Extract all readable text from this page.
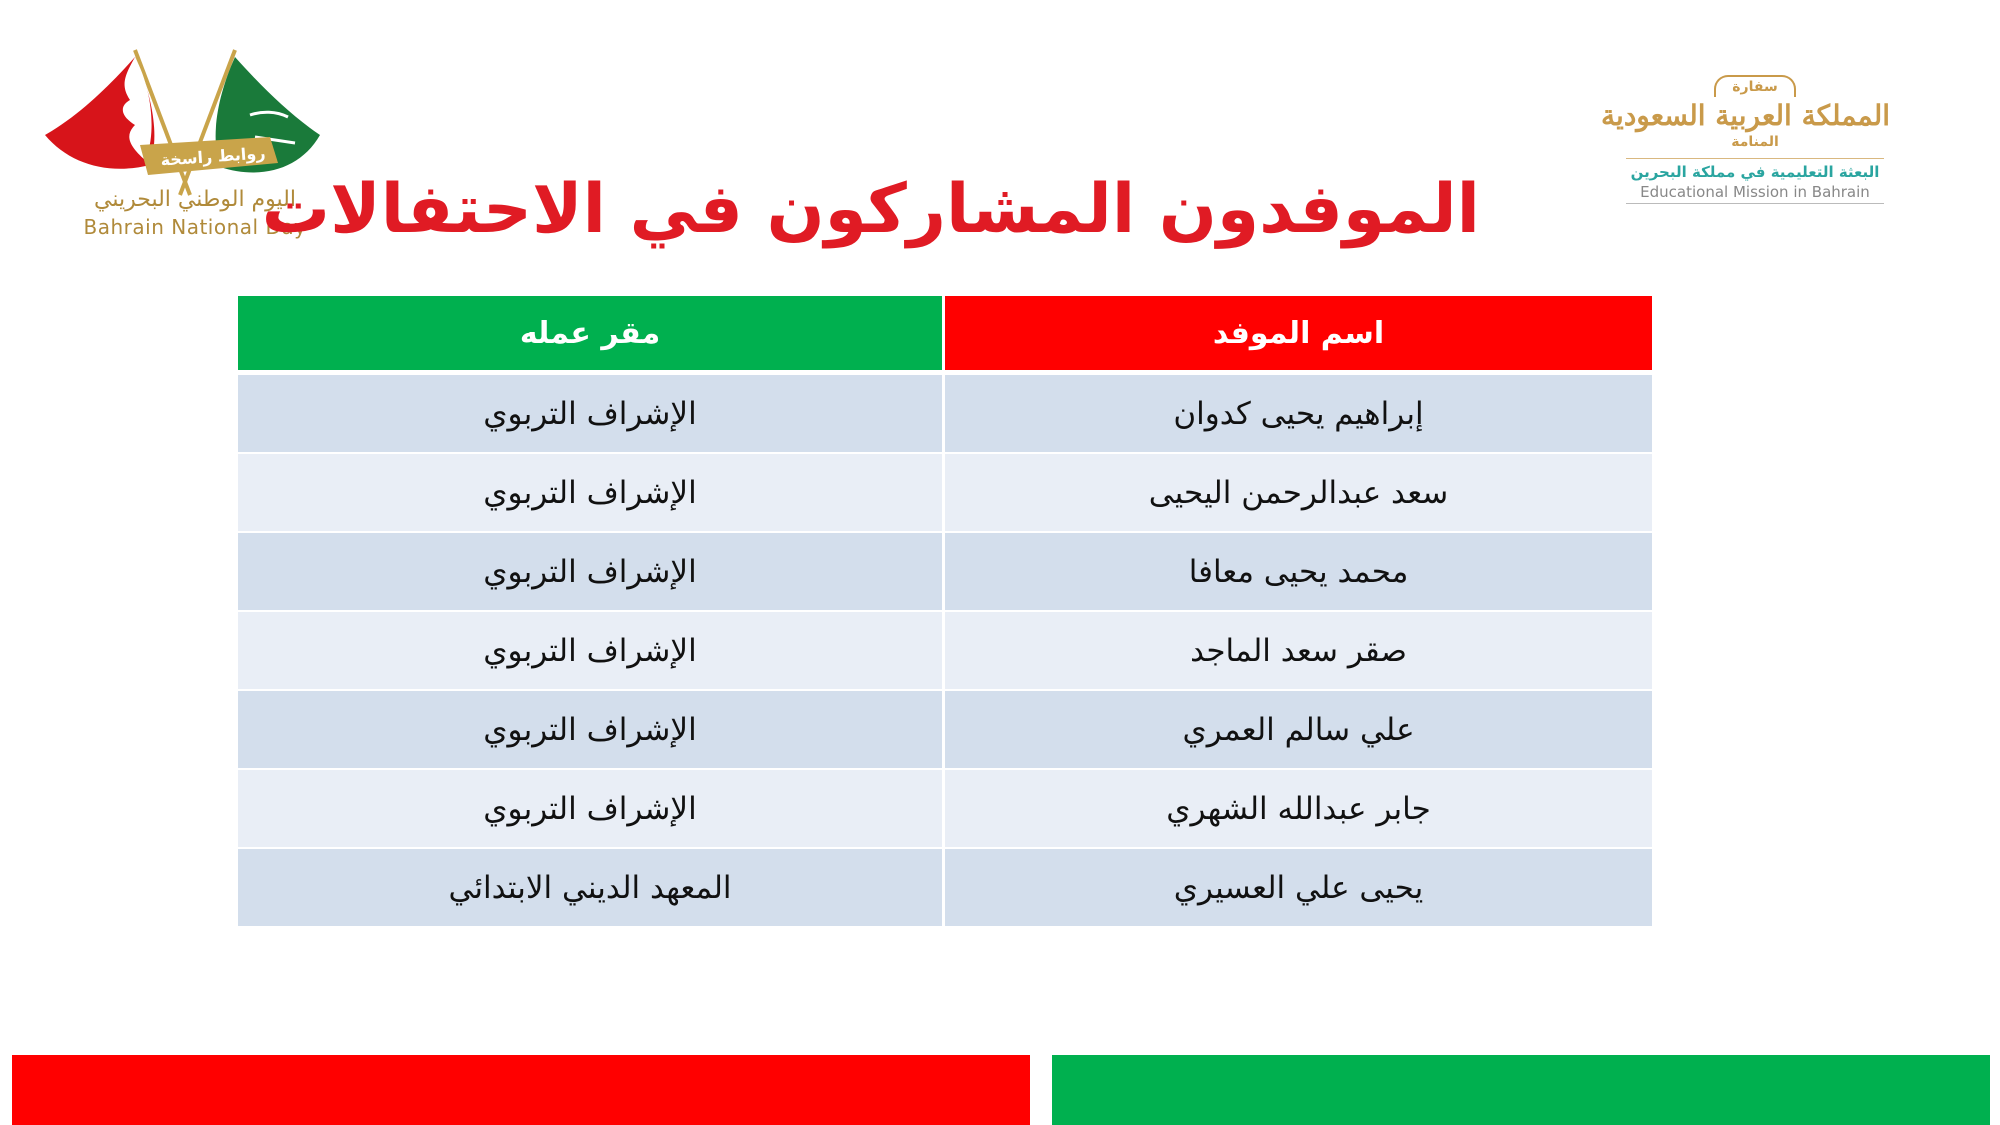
روابط راسخة
اليوم الوطني البحريني
Bahrain National Day
سفارة
المملكة العربية السعودية
المنامة
البعثة التعليمية في مملكة البحرين
Educational Mission in Bahrain
الموفدون المشاركون في الاحتفالات
اسم الموفد
مقر عمله
إبراهيم يحيى كدوان
الإشراف التربوي
سعد عبدالرحمن اليحيى
الإشراف التربوي
محمد يحيى معافا
الإشراف التربوي
صقر سعد الماجد
الإشراف التربوي
علي سالم العمري
الإشراف التربوي
جابر عبدالله الشهري
الإشراف التربوي
يحيى علي العسيري
المعهد الديني الابتدائي
